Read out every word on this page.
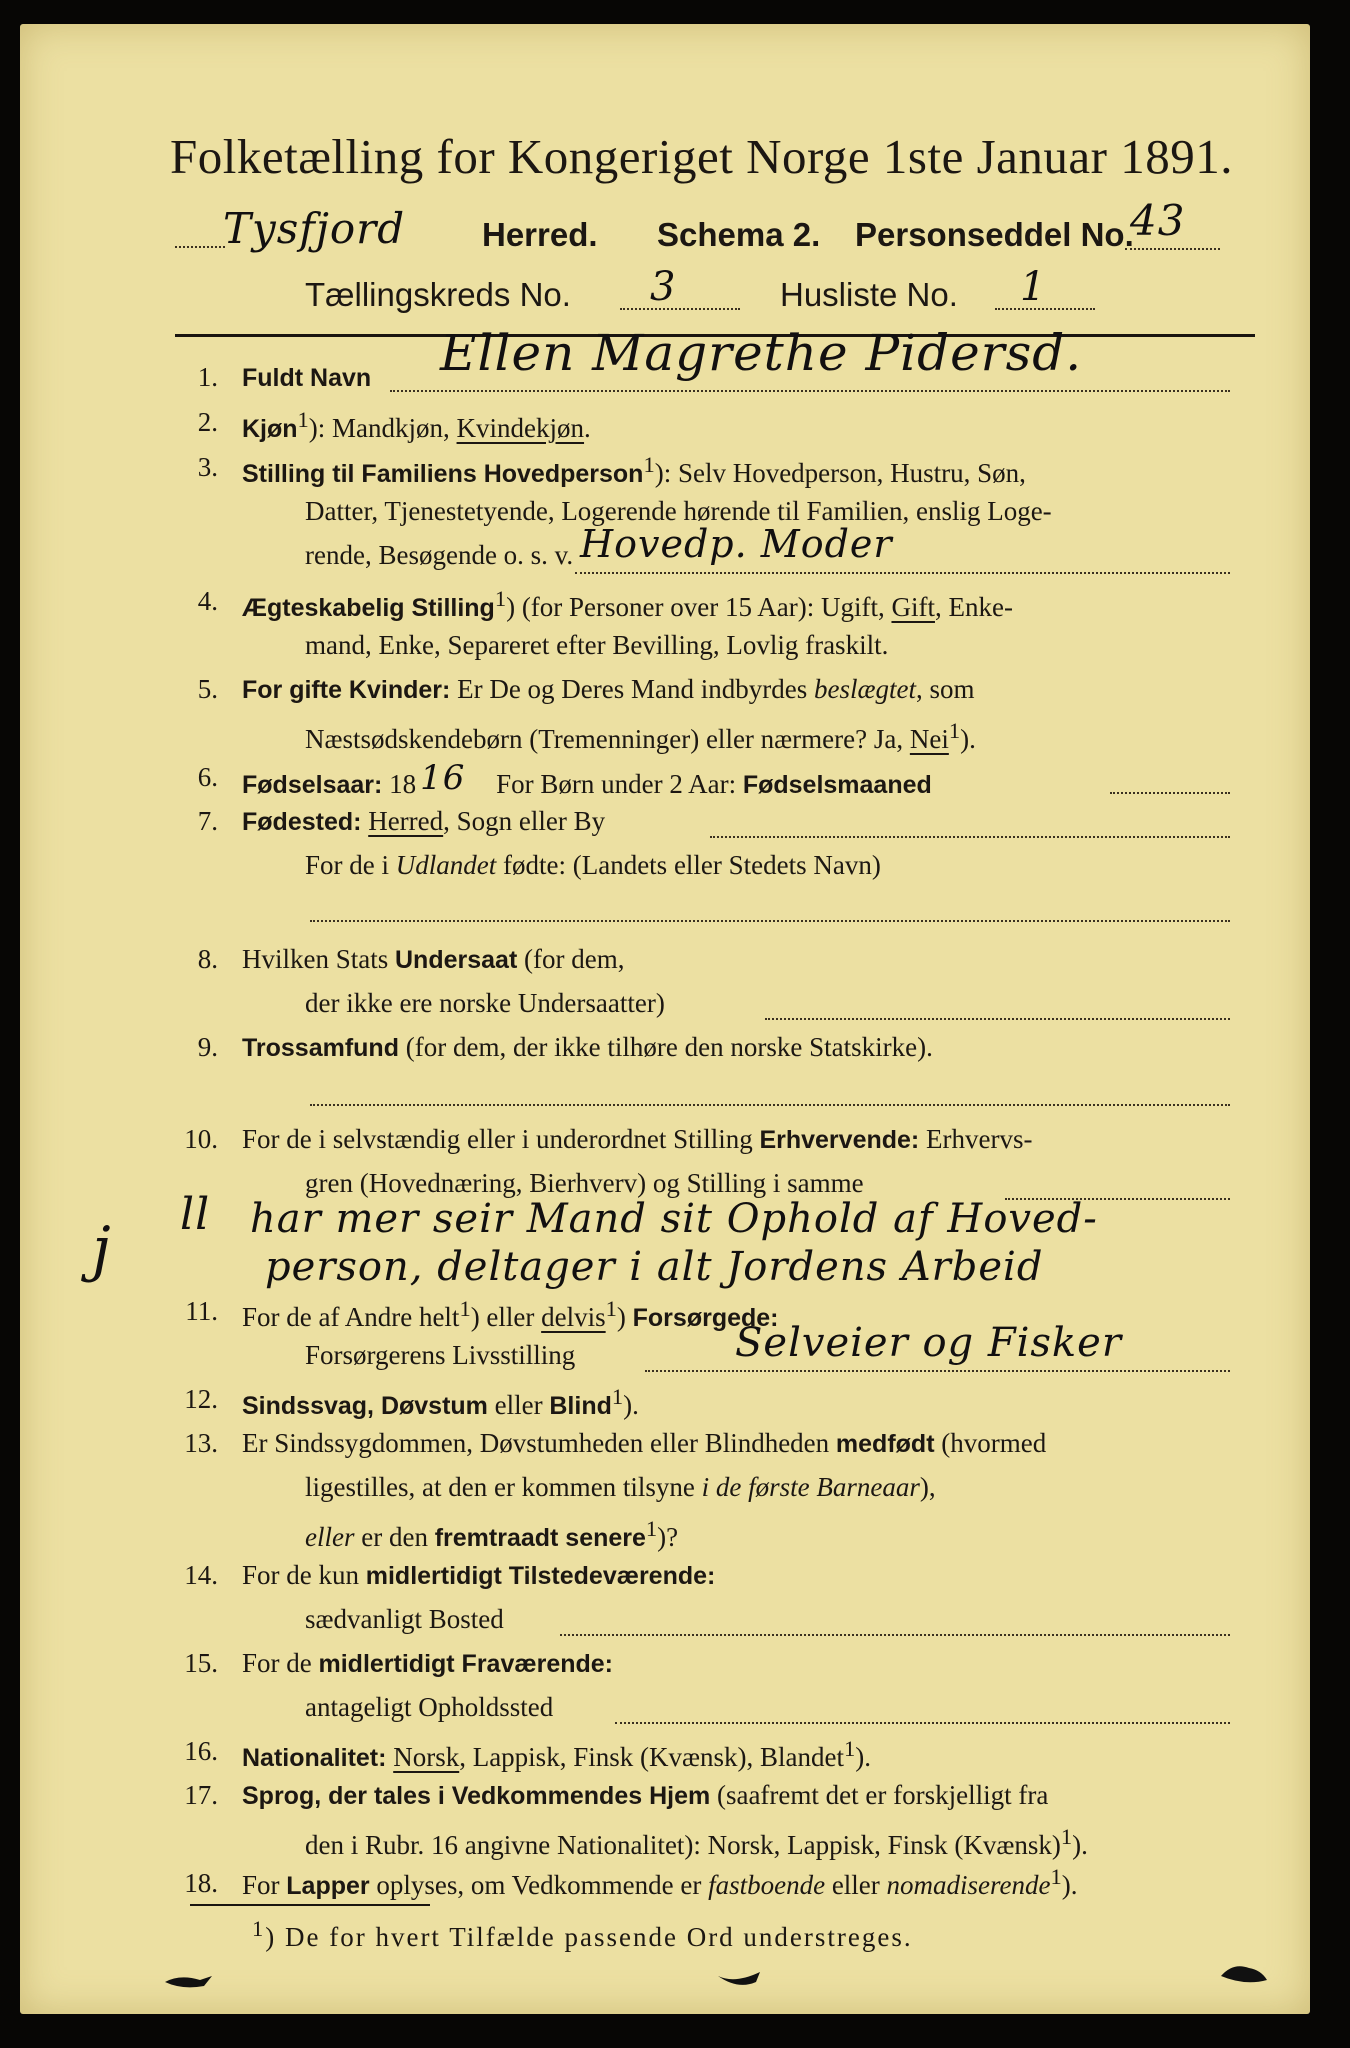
Folketælling for Kongeriget Norge 1ste Januar 1891.
Tysfjord Herred. Schema 2. Personseddel No.
43
Tællingskreds No. 3	Husliste No. 1
1. Fuldt Navn Ellen Magrethe Pidersd.
2. Kjøn$^1$): Mandkjøn, Kvindekjøn.
3. Stilling til Familiens Hovedperson$^1$): Selv Hovedperson, Hustru, Søn,
Datter, Tjenestetyende, Logerende hørende til Familien, enslig Loge-
rende, Besøgende o. s. v. Hovedp. Moder
4. Ægteskabelig Stilling$^1$) (for Personer over 15 Aar): Ugift, Gift, Enke-
mand, Enke, Separeret efter Bevilling, Lovlig fraskilt.
5. For gifte Kvinder: Er De og Deres Mand indbyrdes beslægtet, som
Næstsødskendebørn (Tremenninger) eller nærmere? Ja, Nei$^1$).
6. Fødselsaar: 18 16 For Børn under 2 Aar: Fødselsmaaned
7. Fødested: Herred, Sogn eller By
For de i Udlandet fødte: (Landets eller Stedets Navn)
8. Hvilken Stats Undersaat (for dem,
der ikke ere norske Undersaatter)
9. Trossamfund (for dem, der ikke tilhøre den norske Statskirke).
10. For de i selvstændig eller i underordnet Stilling Erhvervende: Erhvervs-
gren (Hovednæring, Bierhverv) og Stilling i samme
har mer seir Mand sit Ophold af Hoved-
person, deltager i alt Jordens Arbeid
11. For de af Andre helt$^1$) eller delvis$^1$) Forsørgede:
Forsørgerens Livsstilling	Selveier og Fisker
12. Sindssvag, Døvstum eller Blind$^1$).
13. Er Sindssygdommen, Døvstumheden eller Blindheden medfødt (hvormed
ligestilles, at den er kommen tilsyne i de første Barneaar),
eller er den fremtraadt senere$^1$)?
14. For de kun midlertidigt Tilstedeværende:
sædvanligt Bosted
15. For de midlertidigt Fraværende:
antageligt Opholdssted
16. Nationalitet: Norsk, Lappisk, Finsk (Kvænsk), Blandet$^1$).
17. Sprog, der tales i Vedkommendes Hjem (saafremt det er forskjelligt fra
den i Rubr. 16 angivne Nationalitet): Norsk, Lappisk, Finsk (Kvænsk)$^1$).
18. For Lapper oplyses, om Vedkommende er fastboende eller nomadiserende$^1$).
$^1$) De for hvert Tilfælde passende Ord understreges.
ll
j
